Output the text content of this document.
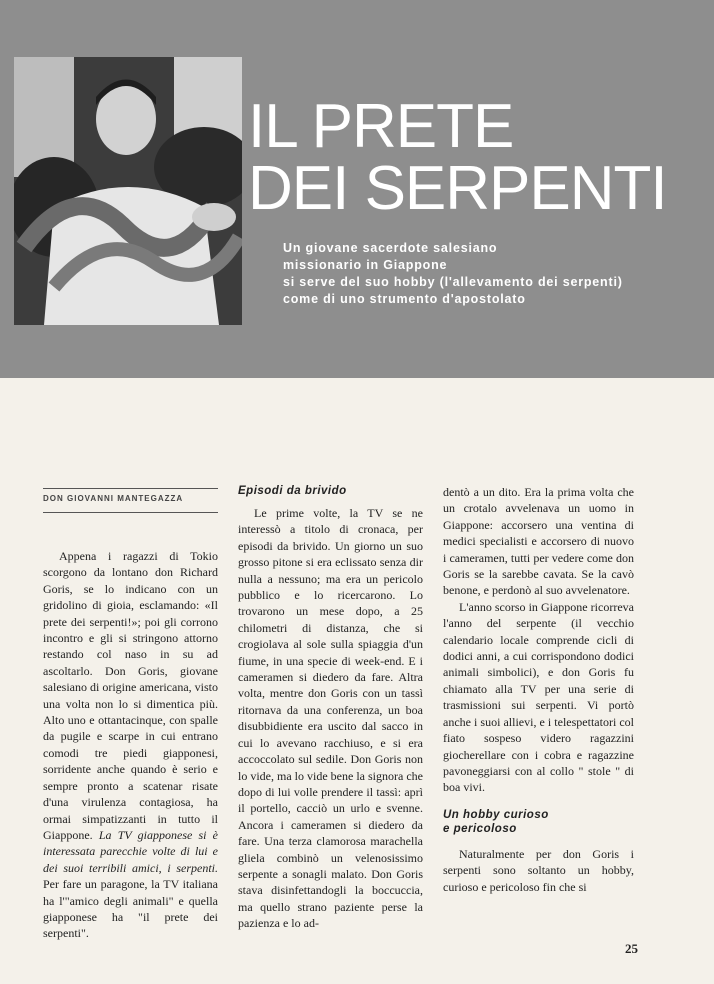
IL PRETE
DEI SERPENTI
Un giovane sacerdote salesiano
missionario in Giappone
si serve del suo hobby (l'allevamento dei serpenti)
come di uno strumento d'apostolato
DON GIOVANNI MANTEGAZZA

Appena i ragazzi di Tokio scorgono da lontano don Richard Goris, se lo indicano con un gridolino di gioia, esclamando: «Il prete dei serpenti!»; poi gli corrono incontro e gli si stringono attorno restando col naso in su ad ascoltarlo. Don Goris, giovane salesiano di origine americana, visto una volta non lo si dimentica più. Alto uno e ottantacinque, con spalle da pugile e scarpe in cui entrano comodi tre piedi giapponesi, sorridente anche quando è serio e sempre pronto a scatenar risate d'una virulenza contagiosa, ha ormai simpatizzanti in tutto il Giappone. La TV giapponese si è interessata parecchie volte di lui e dei suoi terribili amici, i serpenti. Per fare un paragone, la TV italiana ha l'"amico degli animali" e quella giapponese ha "il prete dei serpenti".

Episodi da brivido

Le prime volte, la TV se ne interessò a titolo di cronaca, per episodi da brivido. Un giorno un suo grosso pitone si era eclissato senza dir nulla a nessuno; ma era un pericolo pubblico e lo ricercarono. Lo trovarono un mese dopo, a 25 chilometri di distanza, che si crogiolava al sole sulla spiaggia d'un fiume, in una specie di week-end. E i cameramen si diedero da fare. Altra volta, mentre don Goris con un tassì ritornava da una conferenza, un boa disubbidiente era uscito dal sacco in cui lo avevano racchiuso, e si era accoccolato sul sedile. Don Goris non lo vide, ma lo vide bene la signora che dopo di lui volle prendere il tassì: aprì il portello, cacciò un urlo e svenne. Ancora i cameramen si diedero da fare. Una terza clamorosa marachella gliela combinò un velenosissimo serpente a sonagli malato. Don Goris stava disinfettandogli la boccuccia, ma quello strano paziente perse la pazienza e lo ad-

dentò a un dito. Era la prima volta che un crotalo avvelenava un uomo in Giappone: accorsero una ventina di medici specialisti e accorsero di nuovo i cameramen, tutti per vedere come don Goris se la sarebbe cavata. Se la cavò benone, e perdonò al suo avvelenatore.

L'anno scorso in Giappone ricorreva l'anno del serpente (il vecchio calendario locale comprende cicli di dodici anni, a cui corrispondono dodici animali simbolici), e don Goris fu chiamato alla TV per una serie di trasmissioni sui serpenti. Vi portò anche i suoi allievi, e i telespettatori col fiato sospeso videro ragazzini giocherellare con i cobra e ragazzine pavoneggiarsi con al collo " stole " di boa vivi.

Un hobby curioso
e pericoloso

Naturalmente per don Goris i serpenti sono soltanto un hobby, curioso e pericoloso fin che si

25
